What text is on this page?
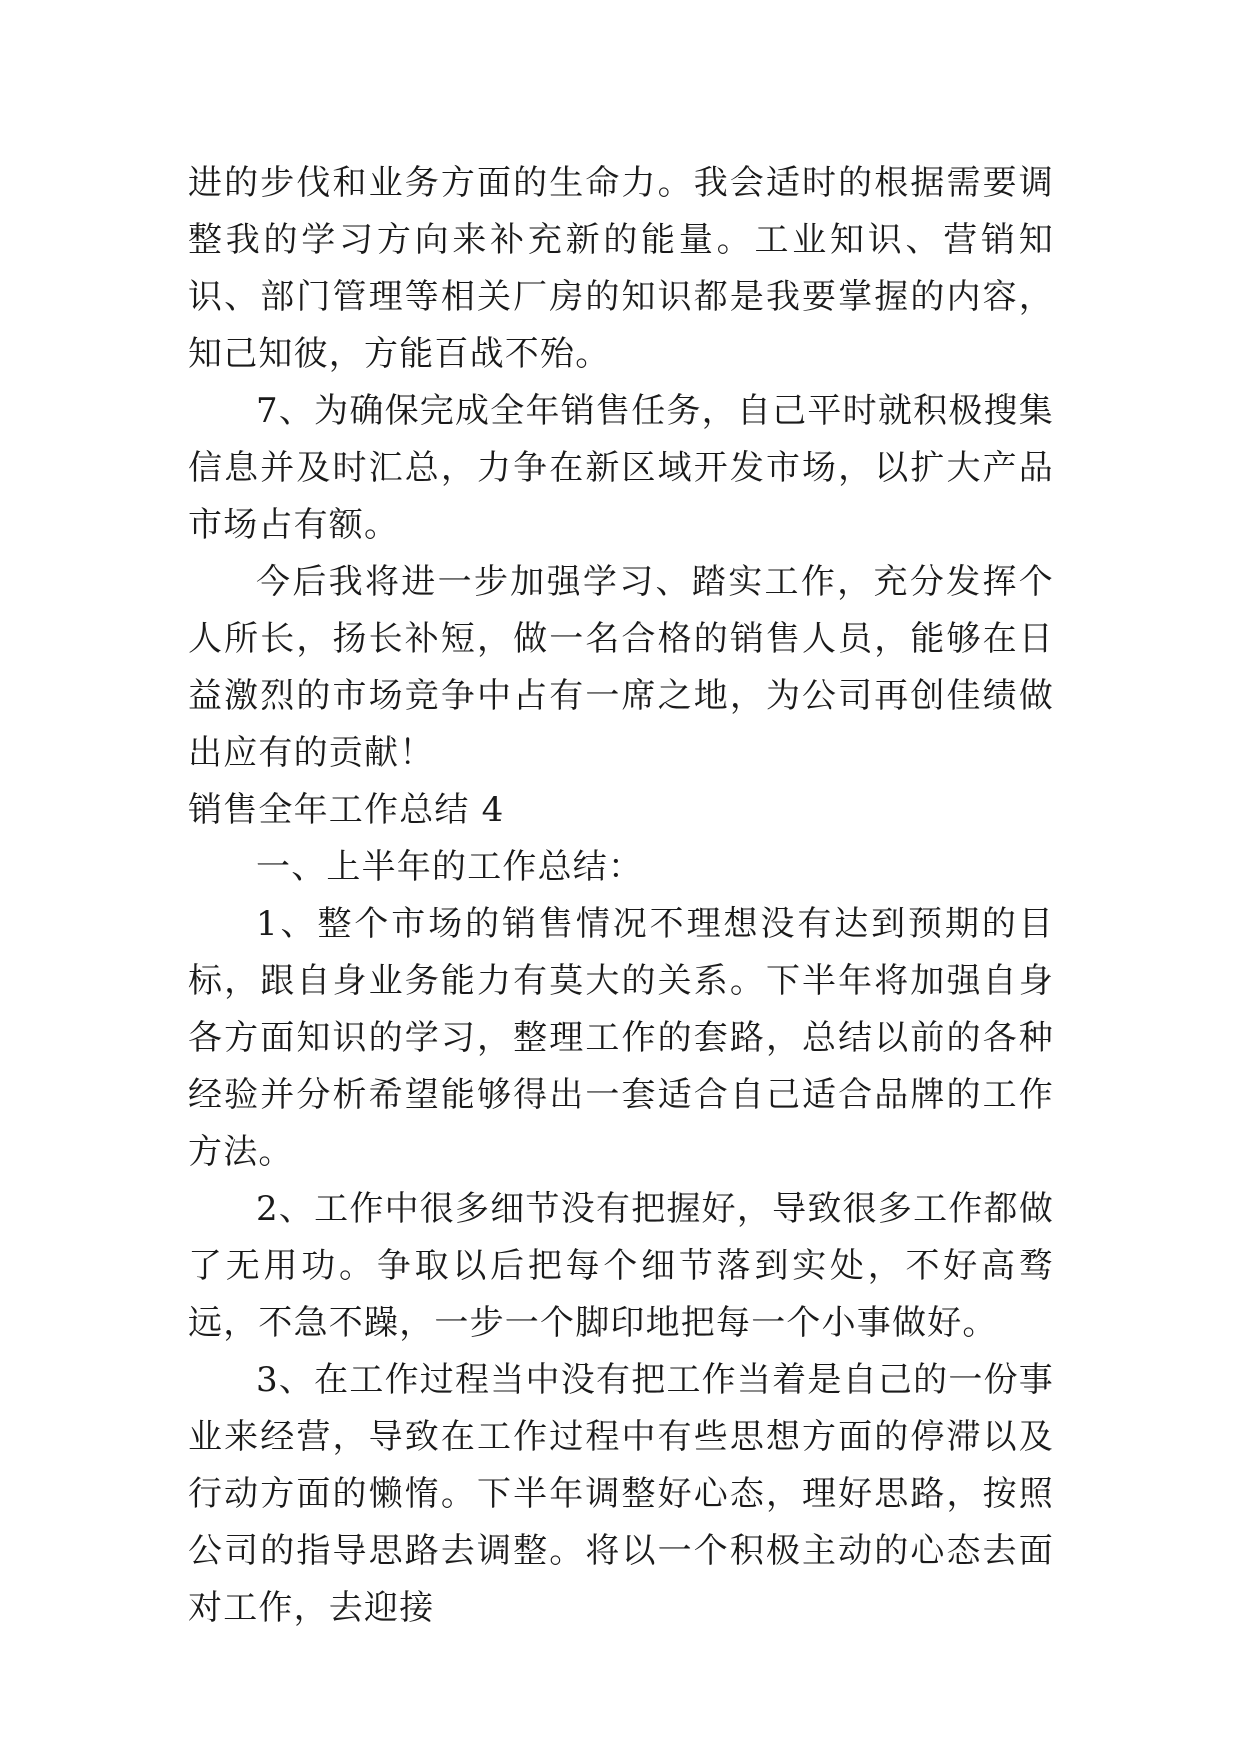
进的步伐和业务方面的生命力。我会适时的根据需要调整我的学习方向来补充新的能量。工业知识、营销知识、部门管理等相关厂房的知识都是我要掌握的内容，知己知彼，方能百战不殆。

7、为确保完成全年销售任务，自己平时就积极搜集信息并及时汇总，力争在新区域开发市场，以扩大产品市场占有额。

今后我将进一步加强学习、踏实工作，充分发挥个人所长，扬长补短，做一名合格的销售人员，能够在日益激烈的市场竞争中占有一席之地，为公司再创佳绩做出应有的贡献！

销售全年工作总结 4

一、上半年的工作总结：

1、整个市场的销售情况不理想没有达到预期的目标，跟自身业务能力有莫大的关系。下半年将加强自身各方面知识的学习，整理工作的套路，总结以前的各种经验并分析希望能够得出一套适合自己适合品牌的工作方法。

2、工作中很多细节没有把握好，导致很多工作都做了无用功。争取以后把每个细节落到实处，不好高骛远，不急不躁，一步一个脚印地把每一个小事做好。

3、在工作过程当中没有把工作当着是自己的一份事业来经营，导致在工作过程中有些思想方面的停滞以及行动方面的懒惰。下半年调整好心态，理好思路，按照公司的指导思路去调整。将以一个积极主动的心态去面对工作，去迎接
